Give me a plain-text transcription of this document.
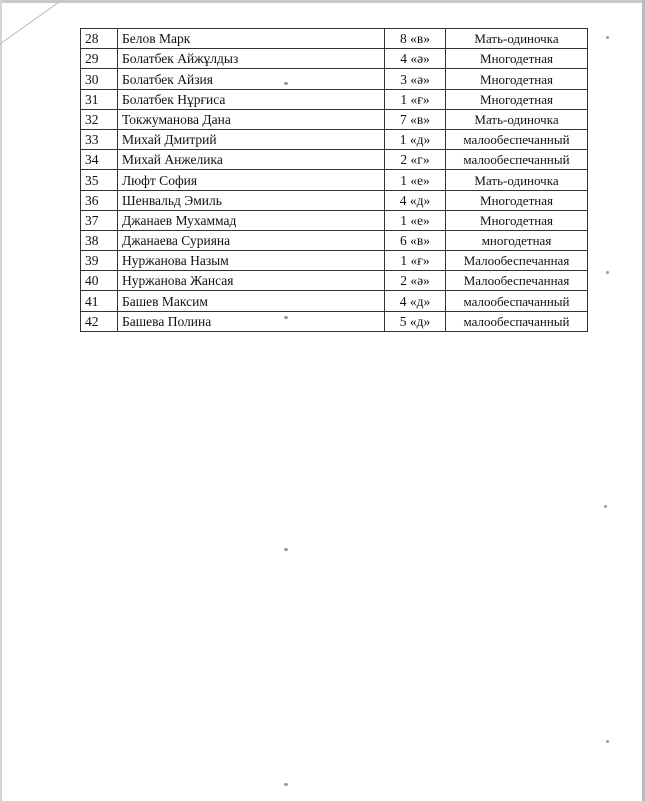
28	Белов Марк	8 «в»	Мать-одиночка
29	Болатбек Айжұлдыз	4 «ә»	Многодетная
30	Болатбек Айзия	3 «ә»	Многодетная
31	Болатбек Нұрғиса	1 «ғ»	Многодетная
32	Токжуманова Дана	7 «в»	Мать-одиночка
33	Михай Дмитрий	1 «д»	малообеспечанный
34	Михай Анжелика	2 «г»	малообеспечанный
35	Люфт София	1 «е»	Мать-одиночка
36	Шенвальд Эмиль	4 «д»	Многодетная
37	Джанаев Мухаммад	1 «е»	Многодетная
38	Джанаева Сурияна	6 «в»	многодетная
39	Нуржанова Назым	1 «ғ»	Малообеспечанная
40	Нуржанова Жансая	2 «ә»	Малообеспечанная
41	Башев Максим	4 «д»	малообеспачанный
42	Башева Полина	5 «д»	малообеспачанный
